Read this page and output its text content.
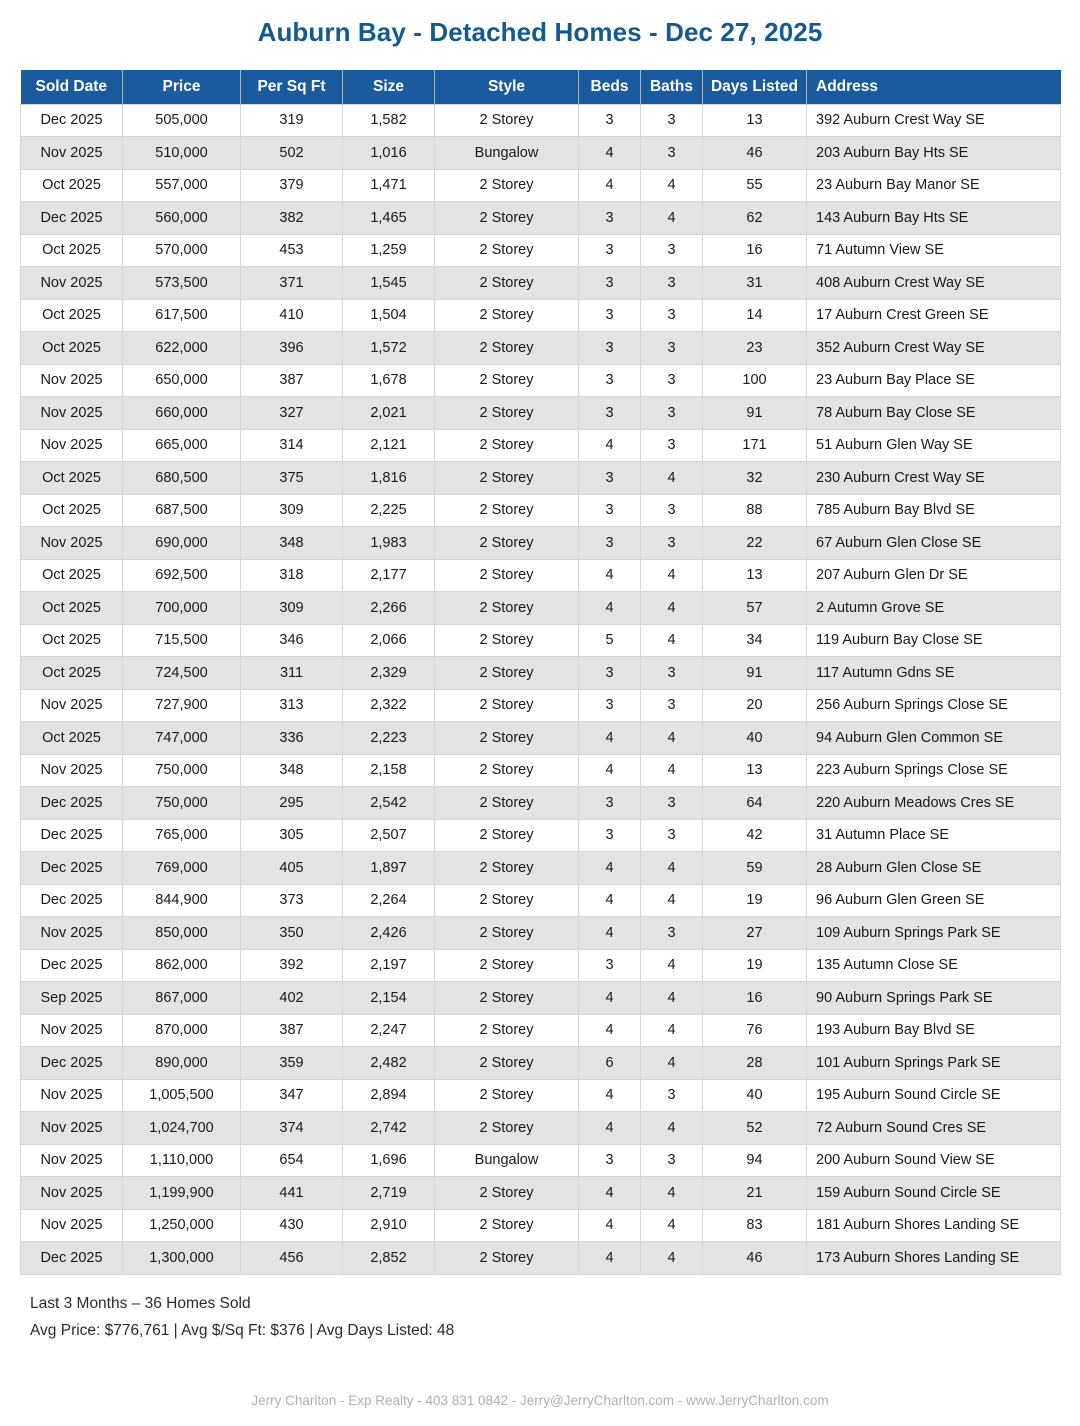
Auburn Bay - Detached Homes - Dec 27, 2025
Sold Date	Price	Per Sq Ft	Size	Style	Beds	Baths	Days Listed	Address
Dec 2025	505,000	319	1,582	2 Storey	3	3	13	392 Auburn Crest Way SE
Nov 2025	510,000	502	1,016	Bungalow	4	3	46	203 Auburn Bay Hts SE
Oct 2025	557,000	379	1,471	2 Storey	4	4	55	23 Auburn Bay Manor SE
Dec 2025	560,000	382	1,465	2 Storey	3	4	62	143 Auburn Bay Hts SE
Oct 2025	570,000	453	1,259	2 Storey	3	3	16	71 Autumn View SE
Nov 2025	573,500	371	1,545	2 Storey	3	3	31	408 Auburn Crest Way SE
Oct 2025	617,500	410	1,504	2 Storey	3	3	14	17 Auburn Crest Green SE
Oct 2025	622,000	396	1,572	2 Storey	3	3	23	352 Auburn Crest Way SE
Nov 2025	650,000	387	1,678	2 Storey	3	3	100	23 Auburn Bay Place SE
Nov 2025	660,000	327	2,021	2 Storey	3	3	91	78 Auburn Bay Close SE
Nov 2025	665,000	314	2,121	2 Storey	4	3	171	51 Auburn Glen Way SE
Oct 2025	680,500	375	1,816	2 Storey	3	4	32	230 Auburn Crest Way SE
Oct 2025	687,500	309	2,225	2 Storey	3	3	88	785 Auburn Bay Blvd SE
Nov 2025	690,000	348	1,983	2 Storey	3	3	22	67 Auburn Glen Close SE
Oct 2025	692,500	318	2,177	2 Storey	4	4	13	207 Auburn Glen Dr SE
Oct 2025	700,000	309	2,266	2 Storey	4	4	57	2 Autumn Grove SE
Oct 2025	715,500	346	2,066	2 Storey	5	4	34	119 Auburn Bay Close SE
Oct 2025	724,500	311	2,329	2 Storey	3	3	91	117 Autumn Gdns SE
Nov 2025	727,900	313	2,322	2 Storey	3	3	20	256 Auburn Springs Close SE
Oct 2025	747,000	336	2,223	2 Storey	4	4	40	94 Auburn Glen Common SE
Nov 2025	750,000	348	2,158	2 Storey	4	4	13	223 Auburn Springs Close SE
Dec 2025	750,000	295	2,542	2 Storey	3	3	64	220 Auburn Meadows Cres SE
Dec 2025	765,000	305	2,507	2 Storey	3	3	42	31 Autumn Place SE
Dec 2025	769,000	405	1,897	2 Storey	4	4	59	28 Auburn Glen Close SE
Dec 2025	844,900	373	2,264	2 Storey	4	4	19	96 Auburn Glen Green SE
Nov 2025	850,000	350	2,426	2 Storey	4	3	27	109 Auburn Springs Park SE
Dec 2025	862,000	392	2,197	2 Storey	3	4	19	135 Autumn Close SE
Sep 2025	867,000	402	2,154	2 Storey	4	4	16	90 Auburn Springs Park SE
Nov 2025	870,000	387	2,247	2 Storey	4	4	76	193 Auburn Bay Blvd SE
Dec 2025	890,000	359	2,482	2 Storey	6	4	28	101 Auburn Springs Park SE
Nov 2025	1,005,500	347	2,894	2 Storey	4	3	40	195 Auburn Sound Circle SE
Nov 2025	1,024,700	374	2,742	2 Storey	4	4	52	72 Auburn Sound Cres SE
Nov 2025	1,110,000	654	1,696	Bungalow	3	3	94	200 Auburn Sound View SE
Nov 2025	1,199,900	441	2,719	2 Storey	4	4	21	159 Auburn Sound Circle SE
Nov 2025	1,250,000	430	2,910	2 Storey	4	4	83	181 Auburn Shores Landing SE
Dec 2025	1,300,000	456	2,852	2 Storey	4	4	46	173 Auburn Shores Landing SE
Last 3 Months – 36 Homes Sold
Avg Price: $776,761 | Avg $/Sq Ft: $376 | Avg Days Listed: 48
Jerry Charlton - Exp Realty - 403 831 0842 - Jerry@JerryCharlton.com - www.JerryCharlton.com
